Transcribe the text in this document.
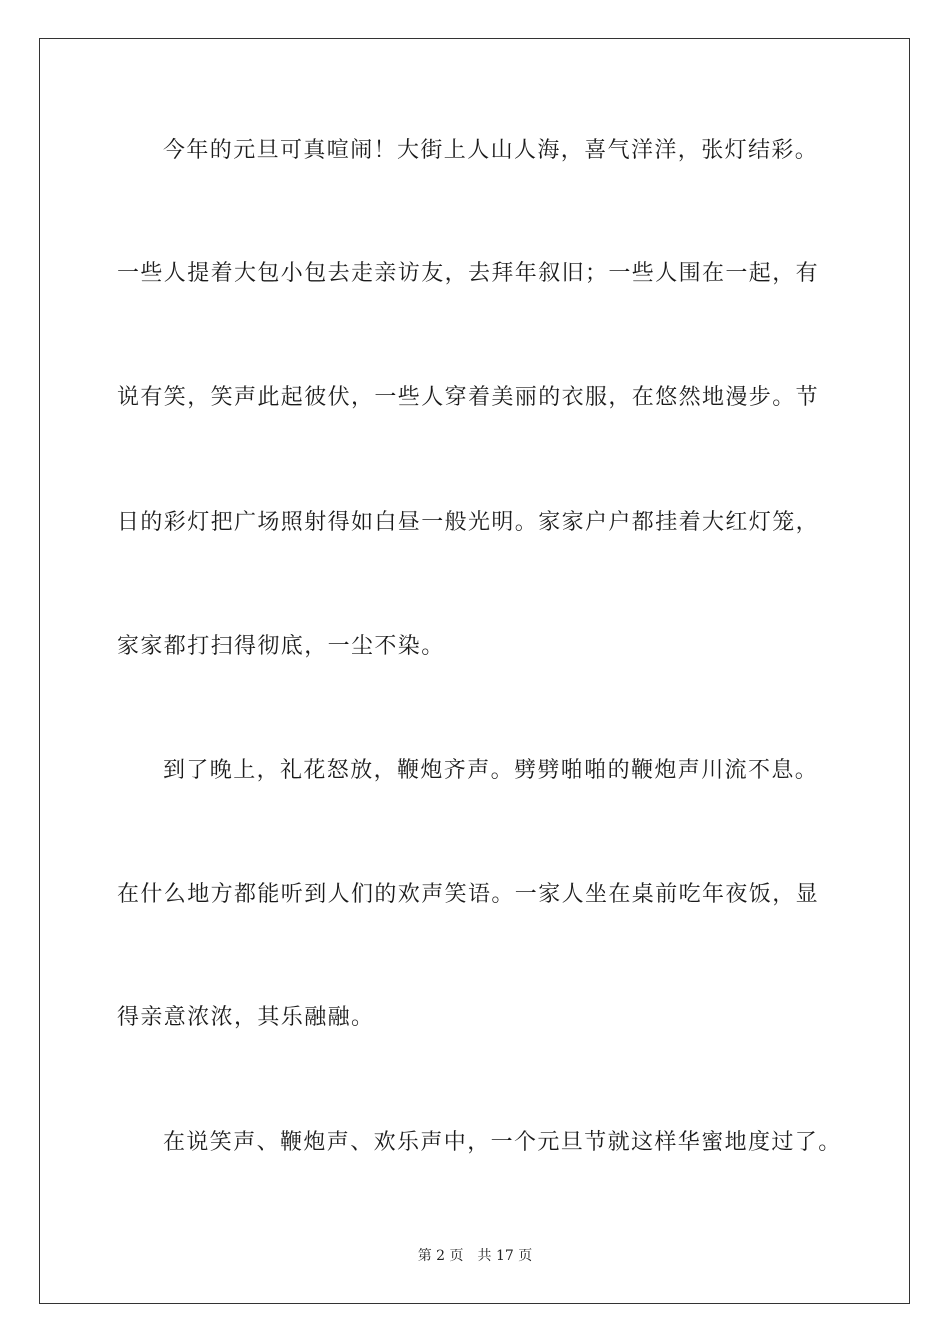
今年的元旦可真喧闹！大街上人山人海，喜气洋洋，张灯结彩。
一些人提着大包小包去走亲访友，去拜年叙旧；一些人围在一起，有
说有笑，笑声此起彼伏，一些人穿着美丽的衣服，在悠然地漫步。节
日的彩灯把广场照射得如白昼一般光明。家家户户都挂着大红灯笼，
家家都打扫得彻底，一尘不染。
到了晚上，礼花怒放，鞭炮齐声。劈劈啪啪的鞭炮声川流不息。
在什么地方都能听到人们的欢声笑语。一家人坐在桌前吃年夜饭，显
得亲意浓浓，其乐融融。
在说笑声、鞭炮声、欢乐声中，一个元旦节就这样华蜜地度过了。
第 2 页 共 17 页
